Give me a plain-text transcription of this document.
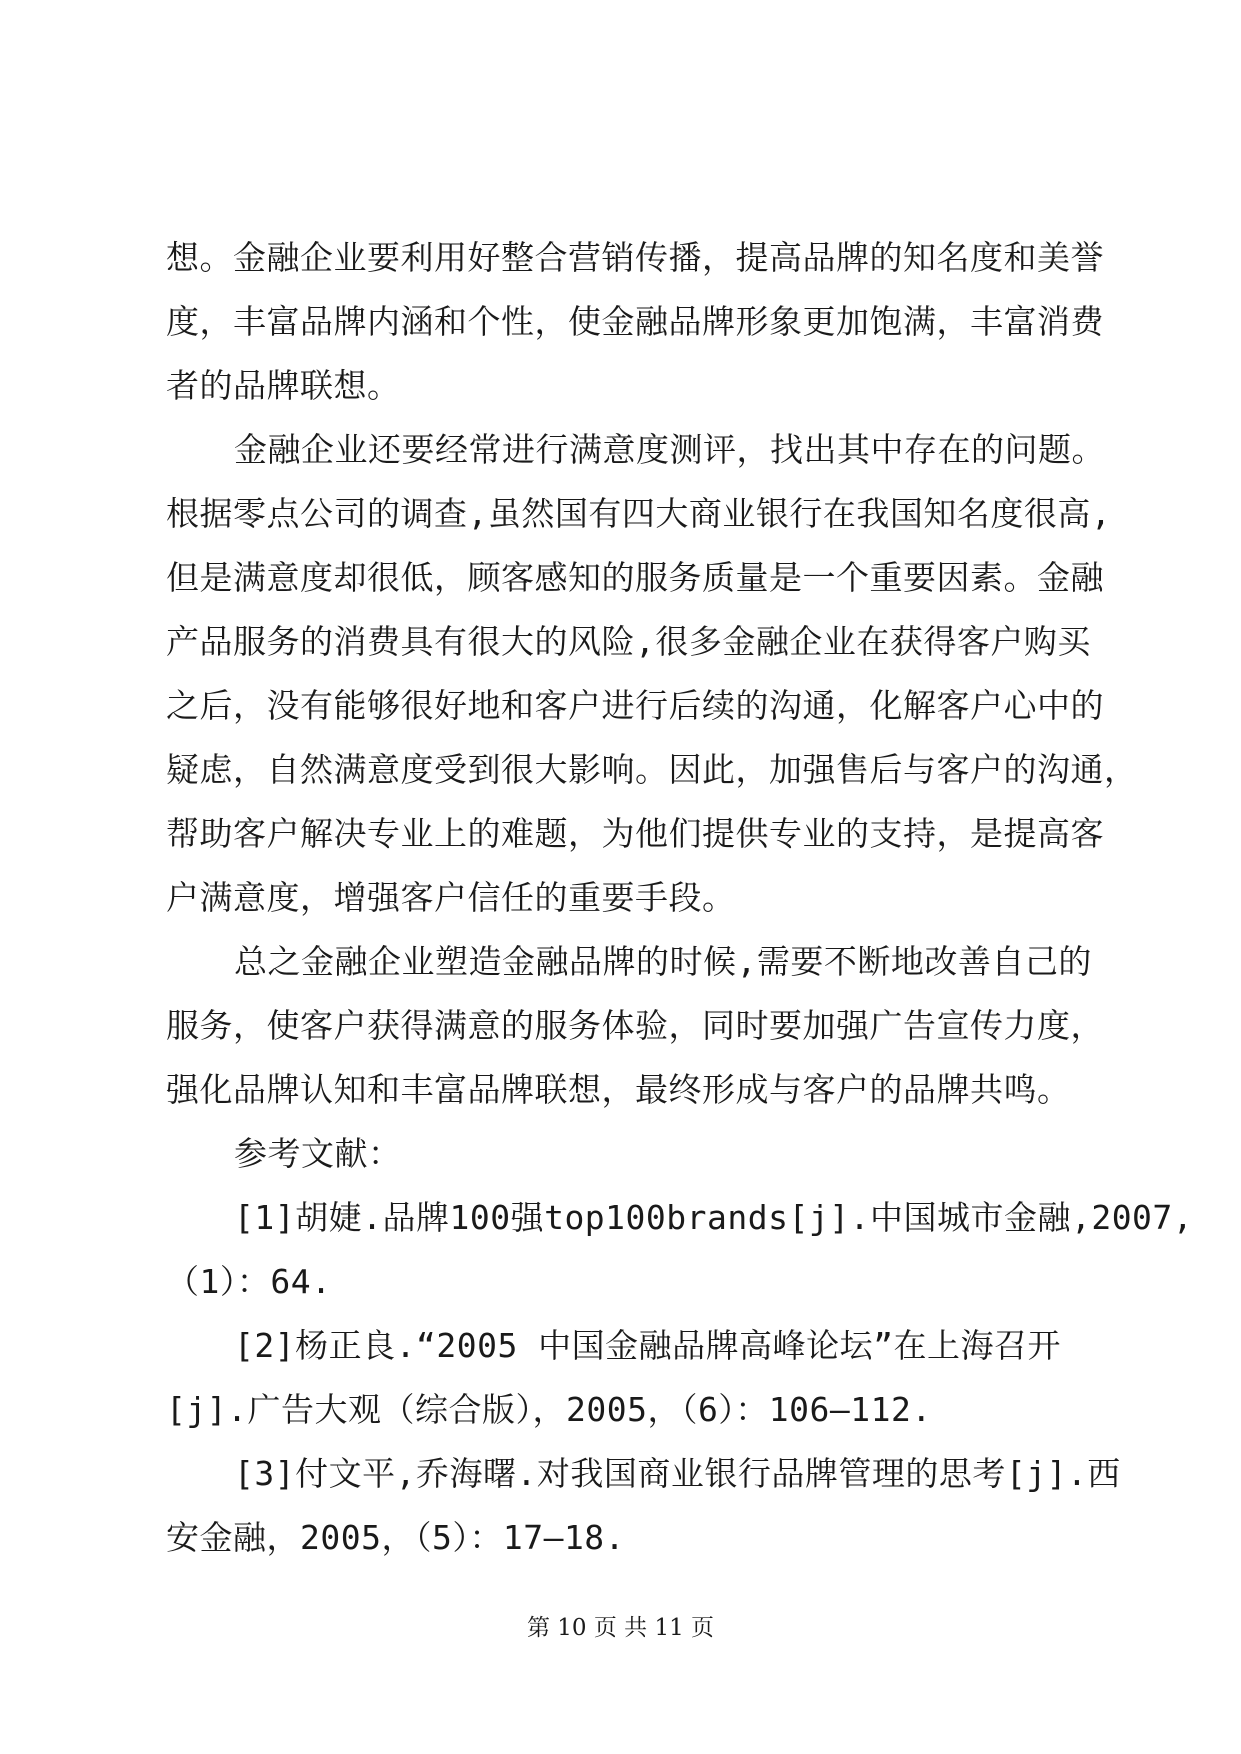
想。金融企业要利用好整合营销传播，提高品牌的知名度和美誉
度，丰富品牌内涵和个性，使金融品牌形象更加饱满，丰富消费
者的品牌联想。

金融企业还要经常进行满意度测评，找出其中存在的问题。
根据零点公司的调查,虽然国有四大商业银行在我国知名度很高,
但是满意度却很低，顾客感知的服务质量是一个重要因素。金融
产品服务的消费具有很大的风险,很多金融企业在获得客户购买
之后，没有能够很好地和客户进行后续的沟通，化解客户心中的
疑虑，自然满意度受到很大影响。因此，加强售后与客户的沟通，
帮助客户解决专业上的难题，为他们提供专业的支持，是提高客
户满意度，增强客户信任的重要手段。

总之金融企业塑造金融品牌的时候,需要不断地改善自己的
服务，使客户获得满意的服务体验，同时要加强广告宣传力度，
强化品牌认知和丰富品牌联想，最终形成与客户的品牌共鸣。

参考文献：

[1]胡婕.品牌100强top100brands[j].中国城市金融,2007,
（1）：64.

[2]杨正良.“2005 中国金融品牌高峰论坛”在上海召开
[j].广告大观（综合版），2005，（6）：106—112.

[3]付文平,乔海曙.对我国商业银行品牌管理的思考[j].西
安金融，2005，（5）：17—18.

第 10 页 共 11 页
